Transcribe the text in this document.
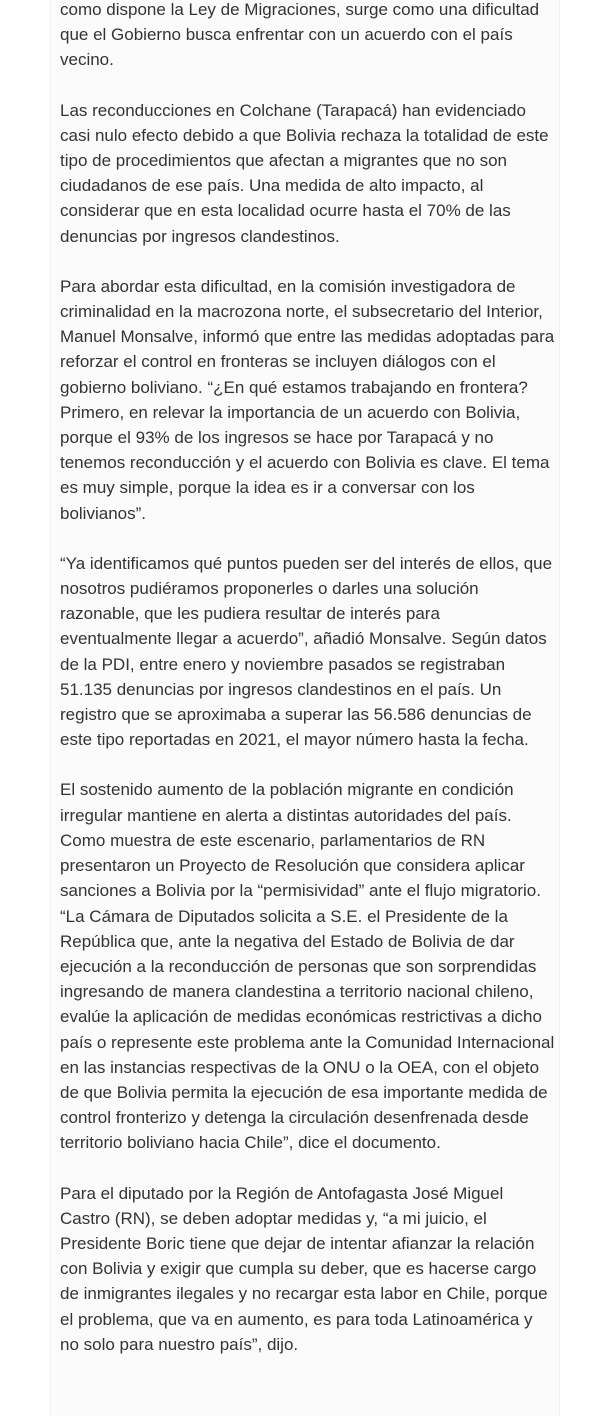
como dispone la Ley de Migraciones, surge como una dificultad que el Gobierno busca enfrentar con un acuerdo con el país vecino.

Las reconducciones en Colchane (Tarapacá) han evidenciado casi nulo efecto debido a que Bolivia rechaza la totalidad de este tipo de procedimientos que afectan a migrantes que no son ciudadanos de ese país. Una medida de alto impacto, al considerar que en esta localidad ocurre hasta el 70% de las denuncias por ingresos clandestinos.

Para abordar esta dificultad, en la comisión investigadora de criminalidad en la macrozona norte, el subsecretario del Interior, Manuel Monsalve, informó que entre las medidas adoptadas para reforzar el control en fronteras se incluyen diálogos con el gobierno boliviano. “¿En qué estamos trabajando en frontera? Primero, en relevar la importancia de un acuerdo con Bolivia, porque el 93% de los ingresos se hace por Tarapacá y no tenemos reconducción y el acuerdo con Bolivia es clave. El tema es muy simple, porque la idea es ir a conversar con los bolivianos”.

“Ya identificamos qué puntos pueden ser del interés de ellos, que nosotros pudiéramos proponerles o darles una solución razonable, que les pudiera resultar de interés para eventualmente llegar a acuerdo”, añadió Monsalve. Según datos de la PDI, entre enero y noviembre pasados se registraban 51.135 denuncias por ingresos clandestinos en el país. Un registro que se aproximaba a superar las 56.586 denuncias de este tipo reportadas en 2021, el mayor número hasta la fecha.

El sostenido aumento de la población migrante en condición irregular mantiene en alerta a distintas autoridades del país. Como muestra de este escenario, parlamentarios de RN presentaron un Proyecto de Resolución que considera aplicar sanciones a Bolivia por la “permisividad” ante el flujo migratorio. “La Cámara de Diputados solicita a S.E. el Presidente de la República que, ante la negativa del Estado de Bolivia de dar ejecución a la reconducción de personas que son sorprendidas ingresando de manera clandestina a territorio nacional chileno, evalúe la aplicación de medidas económicas restrictivas a dicho país o represente este problema ante la Comunidad Internacional en las instancias respectivas de la ONU o la OEA, con el objeto de que Bolivia permita la ejecución de esa importante medida de control fronterizo y detenga la circulación desenfrenada desde territorio boliviano hacia Chile”, dice el documento.

Para el diputado por la Región de Antofagasta José Miguel Castro (RN), se deben adoptar medidas y, “a mi juicio, el Presidente Boric tiene que dejar de intentar afianzar la relación con Bolivia y exigir que cumpla su deber, que es hacerse cargo de inmigrantes ilegales y no recargar esta labor en Chile, porque el problema, que va en aumento, es para toda Latinoamérica y no solo para nuestro país”, dijo.
